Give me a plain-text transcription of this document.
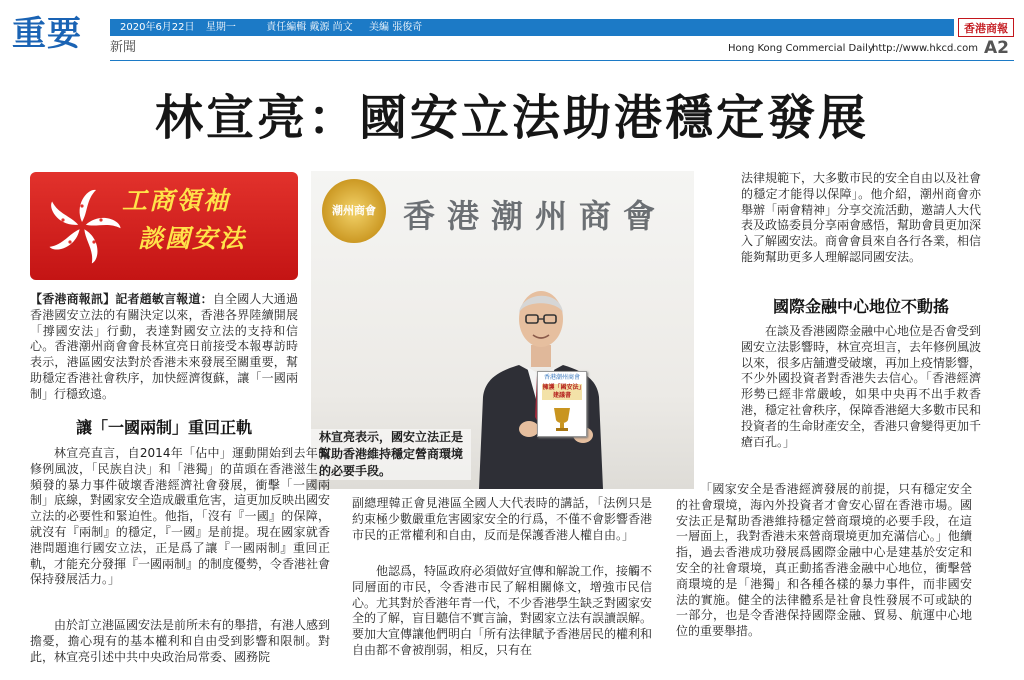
重要	2020年6月22日 星期一	責任編輯 戴源 尚文 美編 張俊奇	香港商報
新聞	Hong Kong Commercial Daily
http://www.hkcd.com A2
林宣亮：國安立法助港穩定發展
工商領袖
談國安法
潮州商會 香港潮州商會
香港潮州商會
擁護「國安法」建議書
林宣亮表示，國安立法正是幫助香港維持穩定營商環境的必要手段。
【香港商報訊】記者趙敏言報道：自全國人大通過香港國安立法的有關決定以來，香港各界陸續開展「撐國安法」行動，表達對國安立法的支持和信心。香港潮州商會會長林宣亮日前接受本報專訪時表示，港區國安法對於香港未來發展至關重要，幫助穩定香港社會秩序，加快經濟復蘇，讓「一國兩制」行穩致遠。
讓「一國兩制」重回正軌
林宣亮直言，自2014年「佔中」運動開始到去年的修例風波，「民族自決」和「港獨」的苗頭在香港滋生，頻發的暴力事件破壞香港經濟社會發展，衝擊「一國兩制」底線，對國家安全造成嚴重危害，這更加反映出國安立法的必要性和緊迫性。他指，「沒有『一國』的保障，就沒有『兩制』的穩定，『一國』是前提。現在國家就香港問題進行國安立法，正是爲了讓『一國兩制』重回正軌，才能充分發揮『一國兩制』的制度優勢，令香港社會保持發展活力。」
由於訂立港區國安法是前所未有的舉措，有港人感到擔憂，擔心現有的基本權利和自由受到影響和限制。對此，林宣亮引述中共中央政治局常委、國務院
副總理韓正會見港區全國人大代表時的講話，「法例只是約束極少數嚴重危害國家安全的行爲，不僅不會影響香港市民的正常權利和自由，反而是保護香港人權自由。」
他認爲，特區政府必須做好宣傳和解說工作，接觸不同層面的市民，令香港市民了解相關條文，增強市民信心。尤其對於香港年青一代，不少香港學生缺乏對國家安全的了解，盲目聽信不實言論，對國家立法有誤讀誤解。要加大宣傳讓他們明白「所有法律賦予香港居民的權利和自由都不會被削弱，相反，只有在
法律規範下，大多數市民的安全自由以及社會的穩定才能得以保障」。他介紹，潮州商會亦舉辦「兩會精神」分享交流活動，邀請人大代表及政協委員分享兩會感悟，幫助會員更加深入了解國安法。商會會員來自各行各業，相信能夠幫助更多人理解認同國安法。
國際金融中心地位不動搖
在談及香港國際金融中心地位是否會受到國安立法影響時，林宣亮坦言，去年修例風波以來，很多店舖遭受破壞，再加上疫情影響，不少外國投資者對香港失去信心。「香港經濟形勢已經非常嚴峻，如果中央再不出手救香港，穩定社會秩序，保障香港絕大多數市民和投資者的生命財產安全，香港只會變得更加千瘡百孔。」
「國家安全是香港經濟發展的前提，只有穩定安全的社會環境，海內外投資者才會安心留在香港市場。國安法正是幫助香港維持穩定營商環境的必要手段，在這一層面上，我對香港未來營商環境更加充滿信心。」他續指，過去香港成功發展爲國際金融中心是建基於安定和安全的社會環境，真正動搖香港金融中心地位，衝擊營商環境的是「港獨」和各種各樣的暴力事件，而非國安法的實施。健全的法律體系是社會良性發展不可或缺的一部分，也是令香港保持國際金融、貿易、航運中心地位的重要舉措。
